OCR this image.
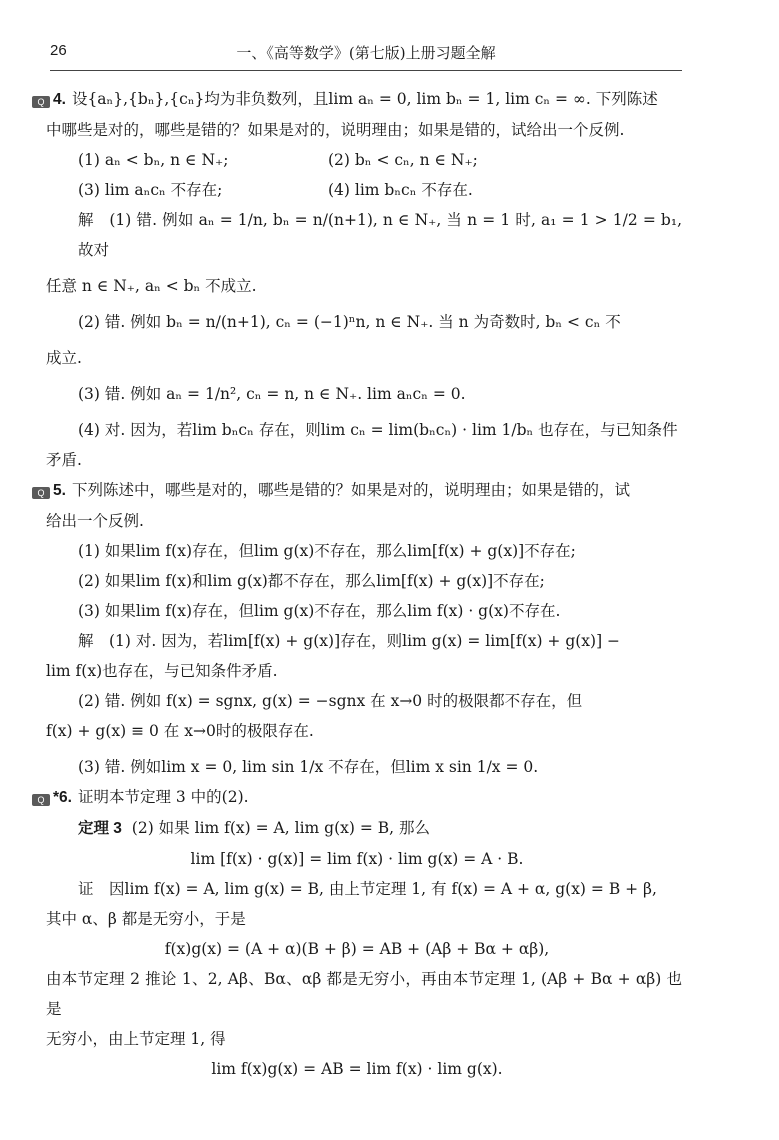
26	一、《高等数学》(第七版)上册习题全解

Q 4. 设{aₙ},{bₙ},{cₙ}均为非负数列，且lim aₙ = 0, lim bₙ = 1, lim cₙ = ∞. 下列陈述

中哪些是对的，哪些是错的？如果是对的，说明理由；如果是错的，试给出一个反例.

(1) aₙ < bₙ, n ∈ N₊;	(2) bₙ < cₙ, n ∈ N₊;
(3) lim aₙcₙ 不存在;	(4) lim bₙcₙ 不存在.

解　(1) 错. 例如 aₙ = 1/n, bₙ = n/(n+1), n ∈ N₊, 当 n = 1 时, a₁ = 1 > 1/2 = b₁, 故对

任意 n ∈ N₊, aₙ < bₙ 不成立.

(2) 错. 例如 bₙ = n/(n+1), cₙ = (−1)ⁿn, n ∈ N₊. 当 n 为奇数时, bₙ < cₙ 不

成立.

(3) 错. 例如 aₙ = 1/n², cₙ = n, n ∈ N₊. lim aₙcₙ = 0.

(4) 对. 因为，若lim bₙcₙ 存在，则lim cₙ = lim(bₙcₙ) · lim 1/bₙ 也存在，与已知条件

矛盾.

Q 5. 下列陈述中，哪些是对的，哪些是错的？如果是对的，说明理由；如果是错的，试

给出一个反例.

(1) 如果lim f(x)存在，但lim g(x)不存在，那么lim[f(x) + g(x)]不存在;

(2) 如果lim f(x)和lim g(x)都不存在，那么lim[f(x) + g(x)]不存在;

(3) 如果lim f(x)存在，但lim g(x)不存在，那么lim f(x) · g(x)不存在.

解　(1) 对. 因为，若lim[f(x) + g(x)]存在，则lim g(x) = lim[f(x) + g(x)] −

lim f(x)也存在，与已知条件矛盾.

(2) 错. 例如 f(x) = sgnx, g(x) = −sgnx 在 x→0 时的极限都不存在，但

f(x) + g(x) ≡ 0 在 x→0时的极限存在.

(3) 错. 例如lim x = 0, lim sin 1/x 不存在，但lim x sin 1/x = 0.

Q *6. 证明本节定理 3 中的(2).

定理 3 (2) 如果 lim f(x) = A, lim g(x) = B, 那么

lim [f(x) · g(x)] = lim f(x) · lim g(x) = A · B.

证　因lim f(x) = A, lim g(x) = B, 由上节定理 1, 有 f(x) = A + α, g(x) = B + β,

其中 α、β 都是无穷小，于是

f(x)g(x) = (A + α)(B + β) = AB + (Aβ + Bα + αβ),

由本节定理 2 推论 1、2, Aβ、Bα、αβ 都是无穷小，再由本节定理 1, (Aβ + Bα + αβ) 也是

无穷小，由上节定理 1, 得

lim f(x)g(x) = AB = lim f(x) · lim g(x).
